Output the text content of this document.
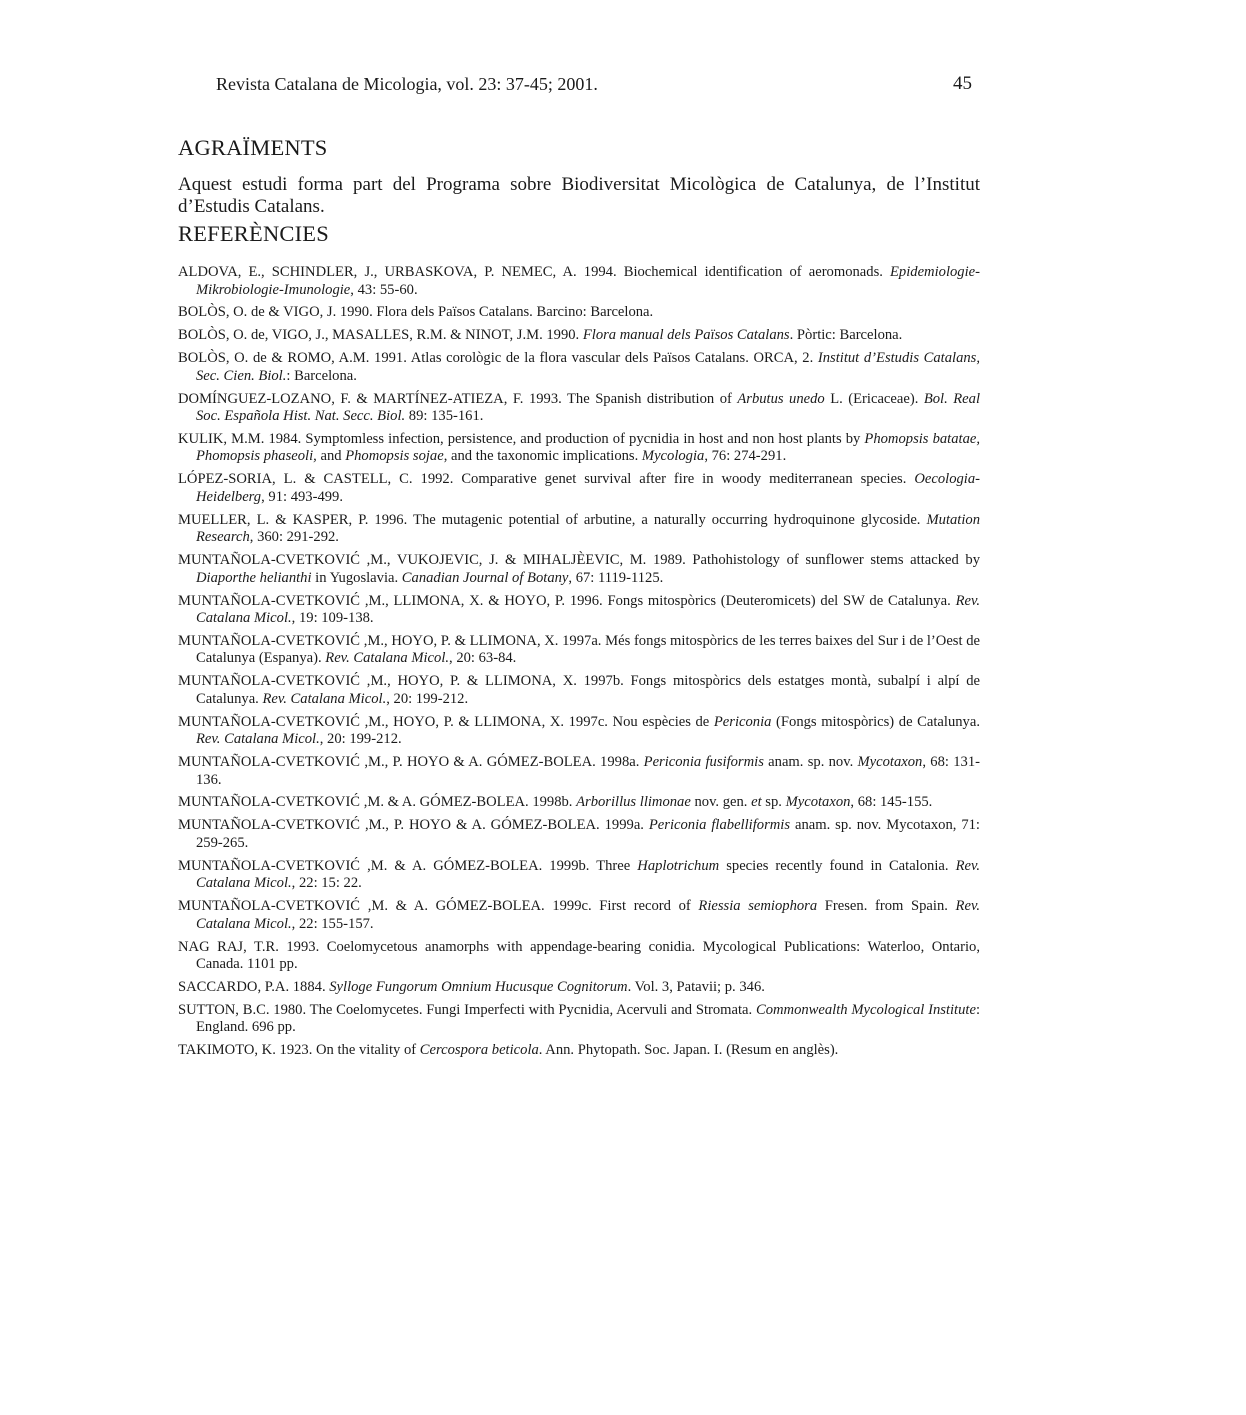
Revista Catalana de Micologia, vol. 23: 37-45; 2001.	45
AGRAÏMENTS

Aquest estudi forma part del Programa sobre Biodiversitat Micològica de Catalunya, de l’Institut d’Estudis Catalans.

REFERÈNCIES
ALDOVA, E., SCHINDLER, J., URBASKOVA, P. NEMEC, A. 1994. Biochemical identification of aeromonads. Epidemiologie-Mikrobiologie-Imunologie, 43: 55-60.
BOLÒS, O. de & VIGO, J. 1990. Flora dels Països Catalans. Barcino: Barcelona.
BOLÒS, O. de, VIGO, J., MASALLES, R.M. & NINOT, J.M. 1990. Flora manual dels Països Catalans. Pòrtic: Barcelona.
BOLÒS, O. de & ROMO, A.M. 1991. Atlas corològic de la flora vascular dels Països Catalans. ORCA, 2. Institut d’Estudis Catalans, Sec. Cien. Biol.: Barcelona.
DOMÍNGUEZ-LOZANO, F. & MARTÍNEZ-ATIEZA, F. 1993. The Spanish distribution of Arbutus unedo L. (Ericaceae). Bol. Real Soc. Española Hist. Nat. Secc. Biol. 89: 135-161.
KULIK, M.M. 1984. Symptomless infection, persistence, and production of pycnidia in host and non host plants by Phomopsis batatae, Phomopsis phaseoli, and Phomopsis sojae, and the taxonomic implications. Mycologia, 76: 274-291.
LÓPEZ-SORIA, L. & CASTELL, C. 1992. Comparative genet survival after fire in woody mediterranean species. Oecologia-Heidelberg, 91: 493-499.
MUELLER, L. & KASPER, P. 1996. The mutagenic potential of arbutine, a naturally occurring hydroquinone glycoside. Mutation Research, 360: 291-292.
MUNTAÑOLA-CVETKOVIĆ ,M., VUKOJEVIC, J. & MIHALJÈEVIC, M. 1989. Pathohistology of sunflower stems attacked by Diaporthe helianthi in Yugoslavia. Canadian Journal of Botany, 67: 1119-1125.
MUNTAÑOLA-CVETKOVIĆ ,M., LLIMONA, X. & HOYO, P. 1996. Fongs mitospòrics (Deuteromicets) del SW de Catalunya. Rev. Catalana Micol., 19: 109-138.
MUNTAÑOLA-CVETKOVIĆ ,M., HOYO, P. & LLIMONA, X. 1997a. Més fongs mitospòrics de les terres baixes del Sur i de l’Oest de Catalunya (Espanya). Rev. Catalana Micol., 20: 63-84.
MUNTAÑOLA-CVETKOVIĆ ,M., HOYO, P. & LLIMONA, X. 1997b. Fongs mitospòrics dels estatges montà, subalpí i alpí de Catalunya. Rev. Catalana Micol., 20: 199-212.
MUNTAÑOLA-CVETKOVIĆ ,M., HOYO, P. & LLIMONA, X. 1997c. Nou espècies de Periconia (Fongs mitospòrics) de Catalunya. Rev. Catalana Micol., 20: 199-212.
MUNTAÑOLA-CVETKOVIĆ ,M., P. HOYO & A. GÓMEZ-BOLEA. 1998a. Periconia fusiformis anam. sp. nov. Mycotaxon, 68: 131-136.
MUNTAÑOLA-CVETKOVIĆ ,M. & A. GÓMEZ-BOLEA. 1998b. Arborillus llimonae nov. gen. et sp. Mycotaxon, 68: 145-155.
MUNTAÑOLA-CVETKOVIĆ ,M., P. HOYO & A. GÓMEZ-BOLEA. 1999a. Periconia flabelliformis anam. sp. nov. Mycotaxon, 71: 259-265.
MUNTAÑOLA-CVETKOVIĆ ,M. & A. GÓMEZ-BOLEA. 1999b. Three Haplotrichum species recently found in Catalonia. Rev. Catalana Micol., 22: 15: 22.
MUNTAÑOLA-CVETKOVIĆ ,M. & A. GÓMEZ-BOLEA. 1999c. First record of Riessia semiophora Fresen. from Spain. Rev. Catalana Micol., 22: 155-157.
NAG RAJ, T.R. 1993. Coelomycetous anamorphs with appendage-bearing conidia. Mycological Publications: Waterloo, Ontario, Canada. 1101 pp.
SACCARDO, P.A. 1884. Sylloge Fungorum Omnium Hucusque Cognitorum. Vol. 3, Patavii; p. 346.
SUTTON, B.C. 1980. The Coelomycetes. Fungi Imperfecti with Pycnidia, Acervuli and Stromata. Commonwealth Mycological Institute: England. 696 pp.
TAKIMOTO, K. 1923. On the vitality of Cercospora beticola. Ann. Phytopath. Soc. Japan. I. (Resum en anglès).
